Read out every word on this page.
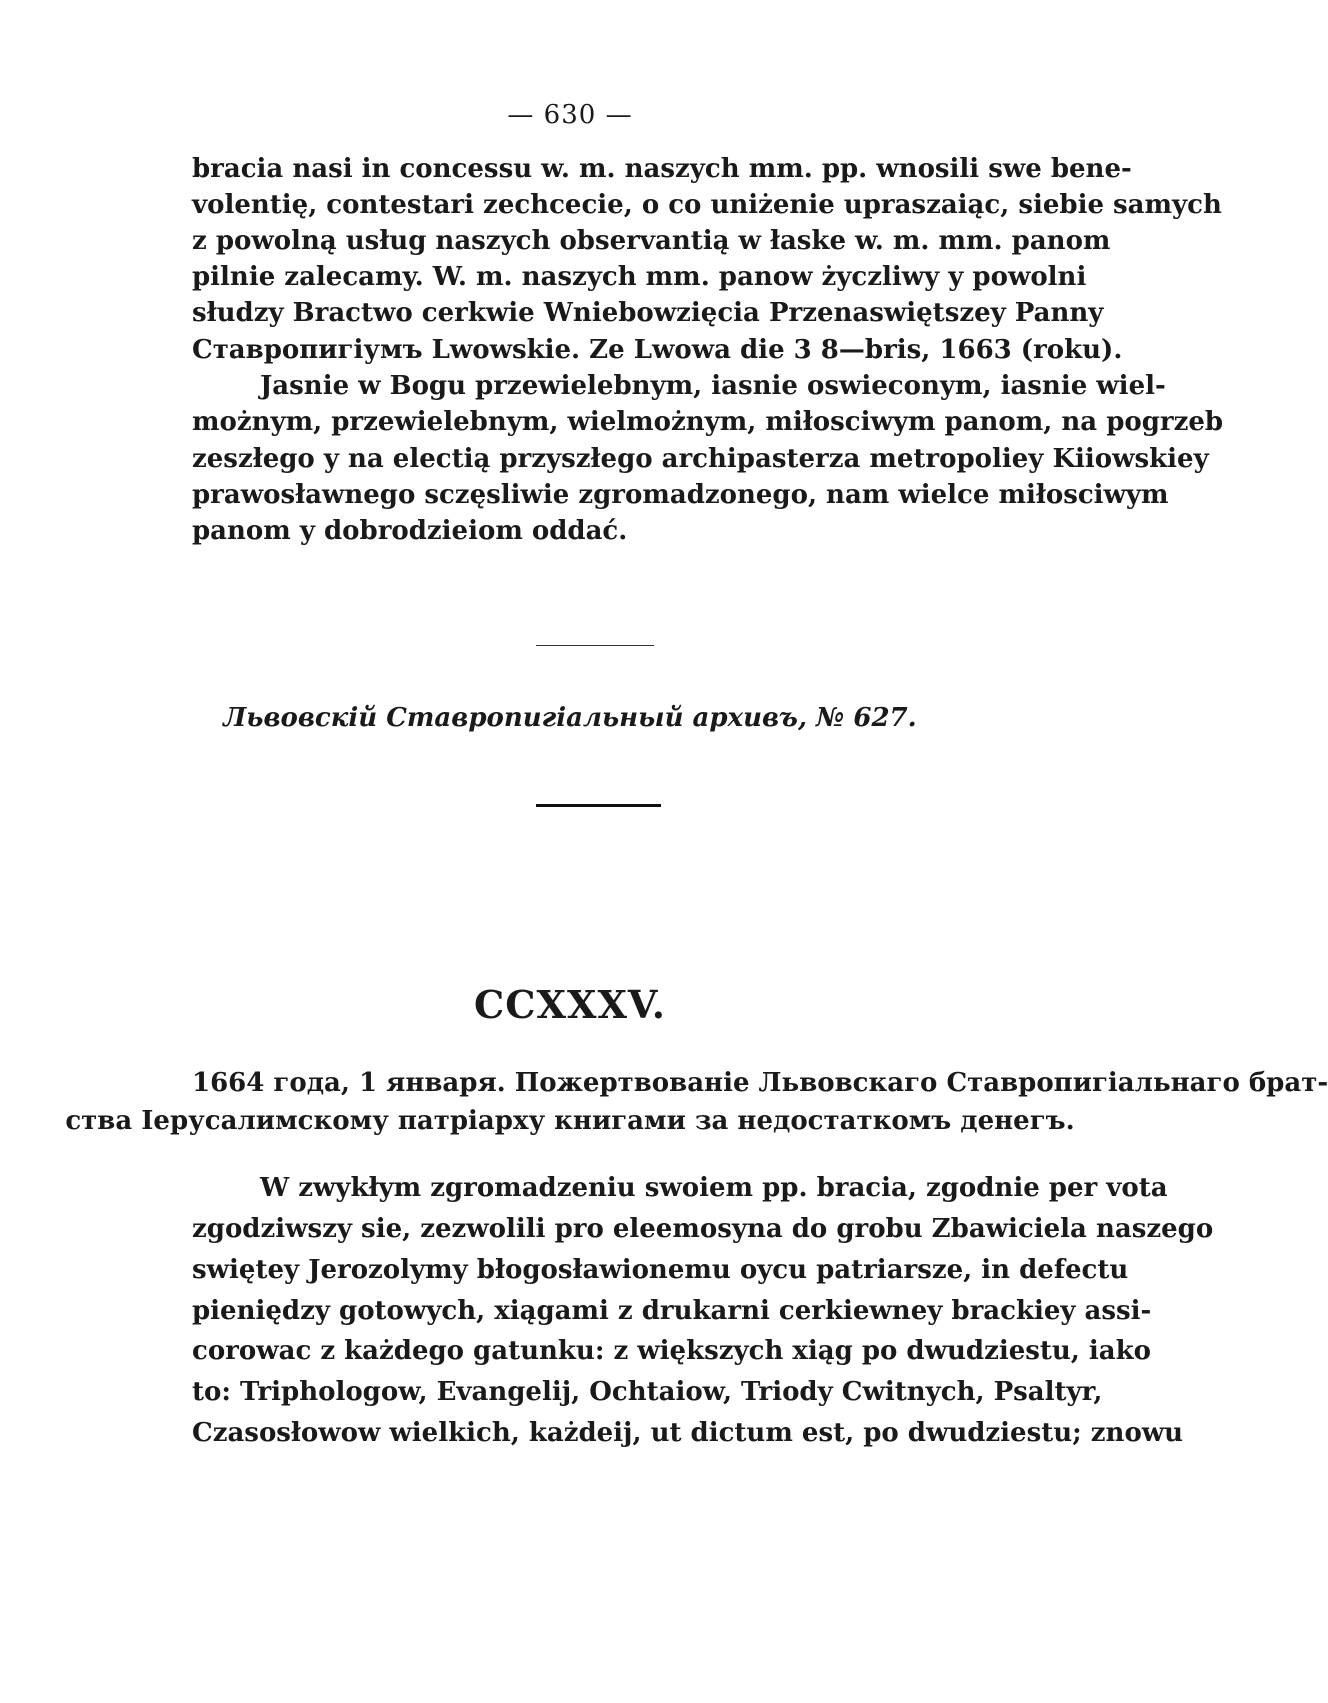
— 630 —
bracia nasi in concessu w. m. naszych mm. pp. wnosili swe bene-
volentię, contestari zechcecie, o co uniżenie upraszaiąc, siebie samych
z powolną usług naszych observantią w łaske w. m. mm. panom
pilnie zalecamy. W. m. naszych mm. panow życzliwy y powolni
słudzy Bractwo cerkwie Wniebowzięcia Przenaswiętszey Panny
Ставропигіумъ Lwowskie. Ze Lwowa die 3 8—bris, 1663 (roku).
Jasnie w Bogu przewielebnym, iasnie oswieconym, iasnie wiel-
możnym, przewielebnym, wielmożnym, miłosciwym panom, na pogrzeb
zeszłego y na electią przyszłego archipasterza metropoliey Kiiowskiey
prawosławnego sczęsliwie zgromadzonego, nam wielce miłosciwym
panom y dobrodzieiom oddać.
Львовскій Ставропигіальный архивъ, № 627.
CCXXXV.
1664 года, 1 января. Пожертвованіе Львовскаго Ставропигіальнаго брат-
ства Іерусалимскому патріарху книгами за недостаткомъ денегъ.
W zwykłym zgromadzeniu swoiem pp. bracia, zgodnie per vota
zgodziwszy sie, zezwolili pro eleemosyna do grobu Zbawiciela naszego
swiętey Jerozolymy błogosławionemu oycu patriarsze, in defectu
pieniędzy gotowych, xiągami z drukarni cerkiewney brackiey assi-
corowac z każdego gatunku: z większych xiąg po dwudziestu, iako
to: Triphologow, Evangelij, Ochtaiow, Triody Cwitnych, Psaltyr,
Czasosłowow wielkich, każdeij, ut dictum est, po dwudziestu; znowu
